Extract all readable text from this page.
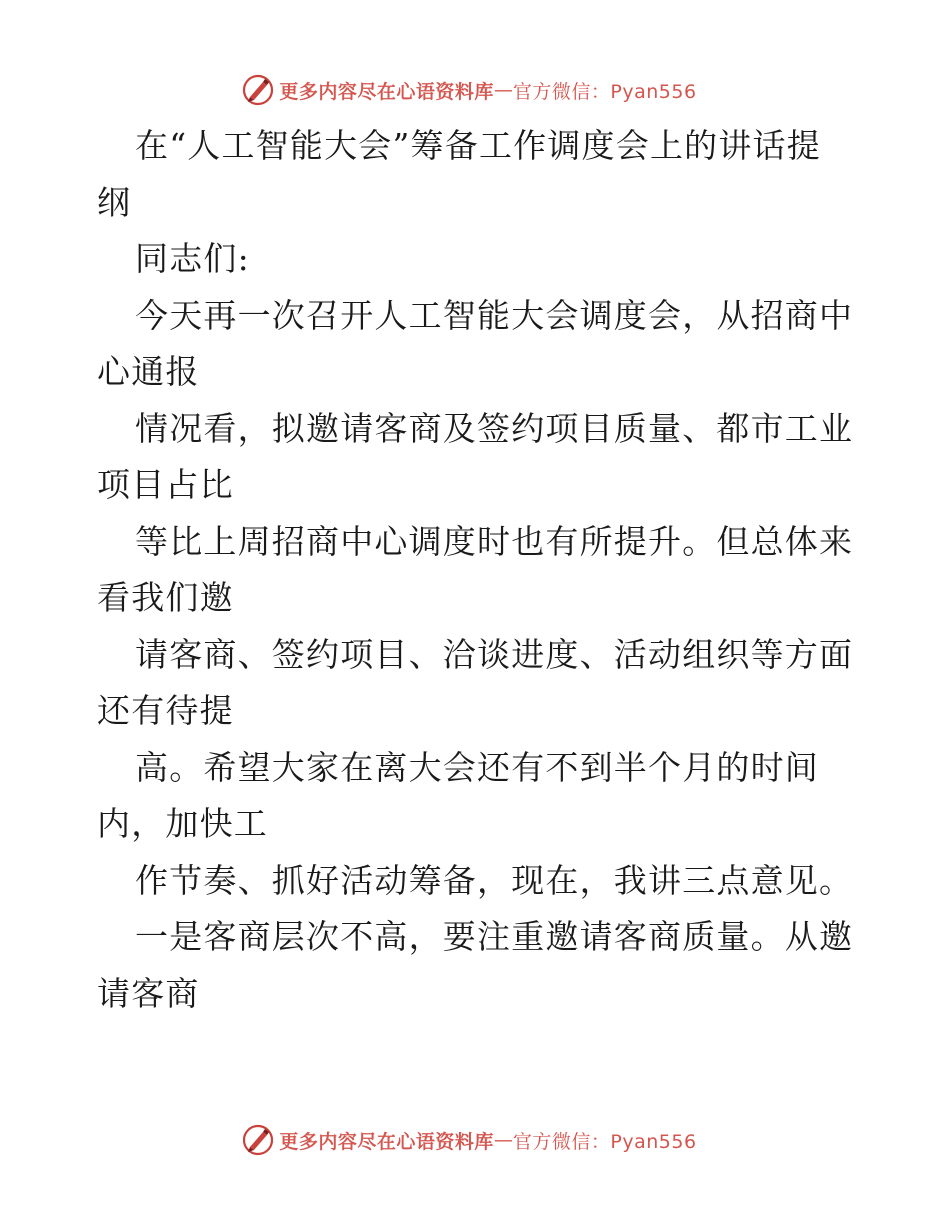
更多内容尽在心语资料库 — 官方微信：Pyan556
在“人工智能大会”筹备工作调度会上的讲话提
纲
同志们:
今天再一次召开人工智能大会调度会，从招商中
心通报
情况看，拟邀请客商及签约项目质量、都市工业
项目占比
等比上周招商中心调度时也有所提升。但总体来
看我们邀
请客商、签约项目、洽谈进度、活动组织等方面
还有待提
高。希望大家在离大会还有不到半个月的时间
内，加快工
作节奏、抓好活动筹备，现在，我讲三点意见。
一是客商层次不高，要注重邀请客商质量。从邀
请客商
更多内容尽在心语资料库 — 官方微信：Pyan556
